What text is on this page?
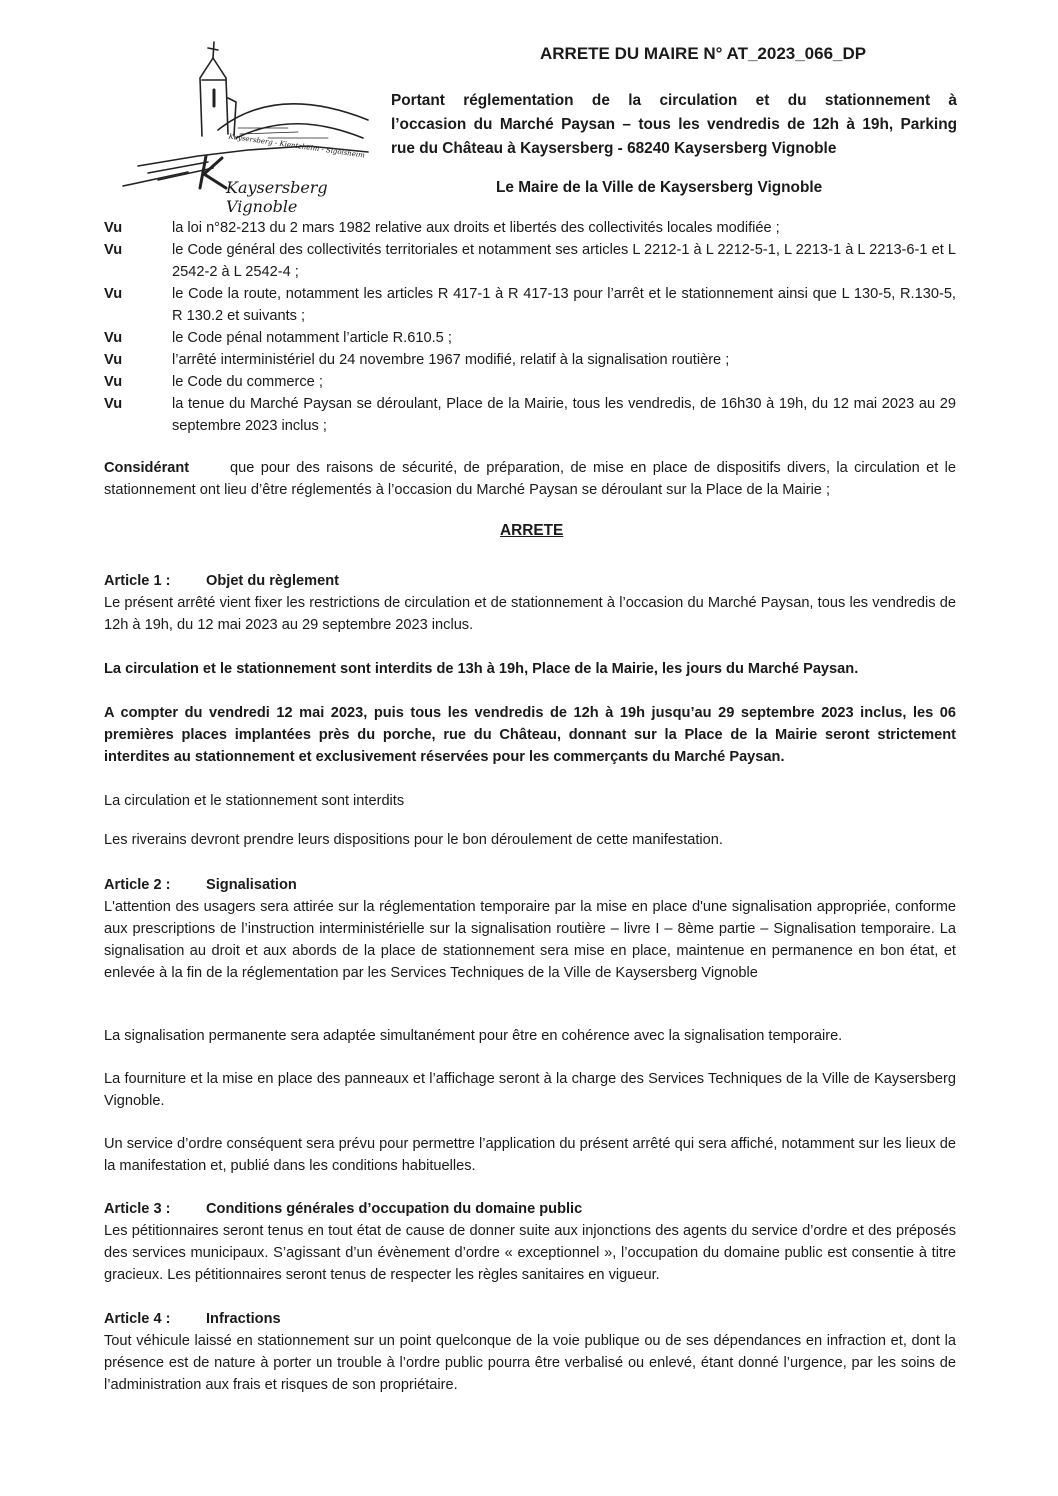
Kaysersberg - Kientzheim - Sigolsheim
Kaysersberg Vignoble
ARRETE DU MAIRE N° AT_2023_066_DP
Portant réglementation de la circulation et du stationnement à
l’occasion du Marché Paysan – tous les vendredis de 12h à 19h, Parking
rue du Château à Kaysersberg - 68240 Kaysersberg Vignoble
Le Maire de la Ville de Kaysersberg Vignoble
Vu	la loi n°82-213 du 2 mars 1982 relative aux droits et libertés des collectivités locales modifiée ;
Vu	le Code général des collectivités territoriales et notamment ses articles L 2212-1 à L 2212-5-1, L 2213-1 à L 2213-6-1 et L 2542-2 à L 2542-4 ;
Vu	le Code la route, notamment les articles R 417-1 à R 417-13 pour l’arrêt et le stationnement ainsi que L 130-5, R.130-5, R 130.2 et suivants ;
Vu	le Code pénal notamment l’article R.610.5 ;
Vu	l’arrêté interministériel du 24 novembre 1967 modifié, relatif à la signalisation routière ;
Vu	le Code du commerce ;
Vu	la tenue du Marché Paysan se déroulant, Place de la Mairie, tous les vendredis, de 16h30 à 19h, du 12 mai 2023 au 29 septembre 2023 inclus ;
Considérant	que pour des raisons de sécurité, de préparation, de mise en place de dispositifs divers, la circulation et le stationnement ont lieu d’être réglementés à l’occasion du Marché Paysan se déroulant sur la Place de la Mairie ;
ARRETE
Article 1 : Objet du règlement
Le présent arrêté vient fixer les restrictions de circulation et de stationnement à l’occasion du Marché Paysan, tous les vendredis de 12h à 19h, du 12 mai 2023 au 29 septembre 2023 inclus.
La circulation et le stationnement sont interdits de 13h à 19h, Place de la Mairie, les jours du Marché Paysan.
A compter du vendredi 12 mai 2023, puis tous les vendredis de 12h à 19h jusqu’au 29 septembre 2023 inclus, les 06 premières places implantées près du porche, rue du Château, donnant sur la Place de la Mairie seront strictement interdites au stationnement et exclusivement réservées pour les commerçants du Marché Paysan.
La circulation et le stationnement sont interdits
Les riverains devront prendre leurs dispositions pour le bon déroulement de cette manifestation.
Article 2 : Signalisation
L'attention des usagers sera attirée sur la réglementation temporaire par la mise en place d'une signalisation appropriée, conforme aux prescriptions de l’instruction interministérielle sur la signalisation routière – livre I – 8ème partie – Signalisation temporaire. La signalisation au droit et aux abords de la place de stationnement sera mise en place, maintenue en permanence en bon état, et enlevée à la fin de la réglementation par les Services Techniques de la Ville de Kaysersberg Vignoble
La signalisation permanente sera adaptée simultanément pour être en cohérence avec la signalisation temporaire.
La fourniture et la mise en place des panneaux et l’affichage seront à la charge des Services Techniques de la Ville de Kaysersberg Vignoble.
Un service d’ordre conséquent sera prévu pour permettre l’application du présent arrêté qui sera affiché, notamment sur les lieux de la manifestation et, publié dans les conditions habituelles.
Article 3 : Conditions générales d’occupation du domaine public
Les pétitionnaires seront tenus en tout état de cause de donner suite aux injonctions des agents du service d’ordre et des préposés des services municipaux. S’agissant d’un évènement d’ordre « exceptionnel », l’occupation du domaine public est consentie à titre gracieux. Les pétitionnaires seront tenus de respecter les règles sanitaires en vigueur.
Article 4 : Infractions
Tout véhicule laissé en stationnement sur un point quelconque de la voie publique ou de ses dépendances en infraction et, dont la présence est de nature à porter un trouble à l’ordre public pourra être verbalisé ou enlevé, étant donné l’urgence, par les soins de l’administration aux frais et risques de son propriétaire.
